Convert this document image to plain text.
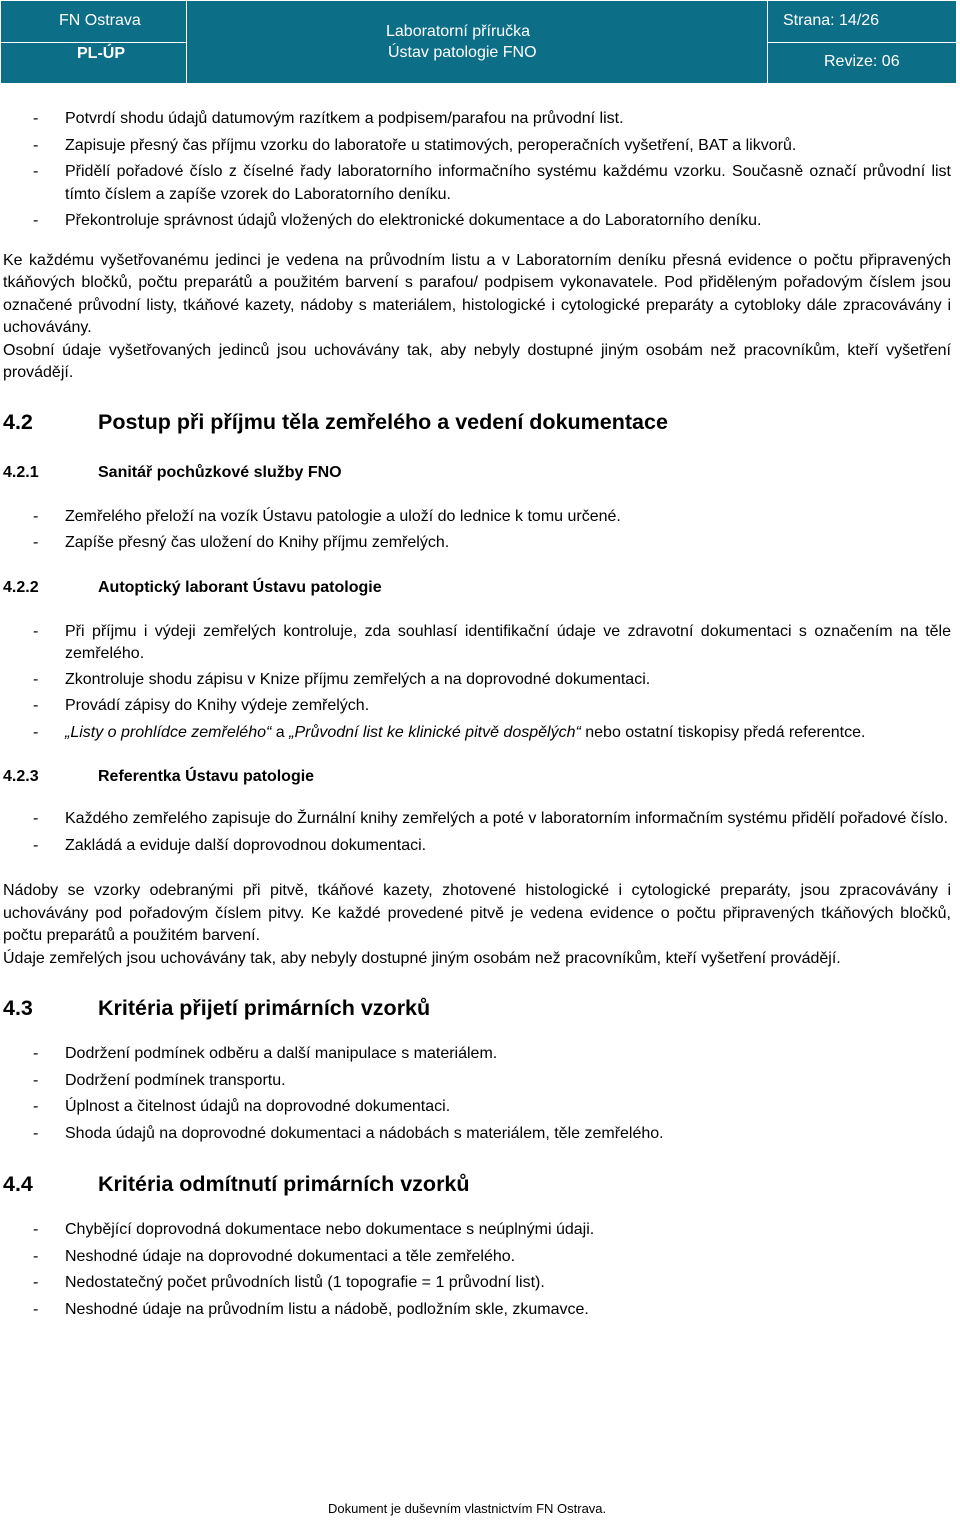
FN Ostrava
PL-ÚP
Laboratorní příručka
Ústav patologie FNO
Strana: 14/26
Revize: 06
- Potvrdí shodu údajů datumovým razítkem a podpisem/parafou na průvodní list.
- Zapisuje přesný čas příjmu vzorku do laboratoře u statimových, peroperačních vyšetření, BAT a likvorů.
- Přidělí pořadové číslo z číselné řady laboratorního informačního systému každému vzorku. Současně označí průvodní list tímto číslem a zapíše vzorek do Laboratorního deníku.
- Překontroluje správnost údajů vložených do elektronické dokumentace a do Laboratorního deníku.
Ke každému vyšetřovanému jedinci je vedena na průvodním listu a v Laboratorním deníku přesná evidence o počtu připravených tkáňových bločků, počtu preparátů a použitém barvení s parafou/ podpisem vykonavatele. Pod přiděleným pořadovým číslem jsou označené průvodní listy, tkáňové kazety, nádoby s materiálem, histologické i cytologické preparáty a cytobloky dále zpracovávány i uchovávány.
Osobní údaje vyšetřovaných jedinců jsou uchovávány tak, aby nebyly dostupné jiným osobám než pracovníkům, kteří vyšetření provádějí.
4.2	Postup při příjmu těla zemřelého a vedení dokumentace
4.2.1	Sanitář pochůzkové služby FNO
- Zemřelého přeloží na vozík Ústavu patologie a uloží do lednice k tomu určené.
- Zapíše přesný čas uložení do Knihy příjmu zemřelých.
4.2.2	Autoptický laborant Ústavu patologie
- Při příjmu i výdeji zemřelých kontroluje, zda souhlasí identifikační údaje ve zdravotní dokumentaci s označením na těle zemřelého.
- Zkontroluje shodu zápisu v Knize příjmu zemřelých a na doprovodné dokumentaci.
- Provádí zápisy do Knihy výdeje zemřelých.
- „Listy o prohlídce zemřelého“ a „Průvodní list ke klinické pitvě dospělých“ nebo ostatní tiskopisy předá referentce.
4.2.3	Referentka Ústavu patologie
- Každého zemřelého zapisuje do Žurnální knihy zemřelých a poté v laboratorním informačním systému přidělí pořadové číslo.
- Zakládá a eviduje další doprovodnou dokumentaci.
Nádoby se vzorky odebranými při pitvě, tkáňové kazety, zhotovené histologické i cytologické preparáty, jsou zpracovávány i uchovávány pod pořadovým číslem pitvy. Ke každé provedené pitvě je vedena evidence o počtu připravených tkáňových bločků, počtu preparátů a použitém barvení.
Údaje zemřelých jsou uchovávány tak, aby nebyly dostupné jiným osobám než pracovníkům, kteří vyšetření provádějí.
4.3	Kritéria přijetí primárních vzorků
- Dodržení podmínek odběru a další manipulace s materiálem.
- Dodržení podmínek transportu.
- Úplnost a čitelnost údajů na doprovodné dokumentaci.
- Shoda údajů na doprovodné dokumentaci a nádobách s materiálem, těle zemřelého.
4.4	Kritéria odmítnutí primárních vzorků
- Chybějící doprovodná dokumentace nebo dokumentace s neúplnými údaji.
- Neshodné údaje na doprovodné dokumentaci a těle zemřelého.
- Nedostatečný počet průvodních listů (1 topografie = 1 průvodní list).
- Neshodné údaje na průvodním listu a nádobě, podložním skle, zkumavce.
Dokument je duševním vlastnictvím FN Ostrava.
